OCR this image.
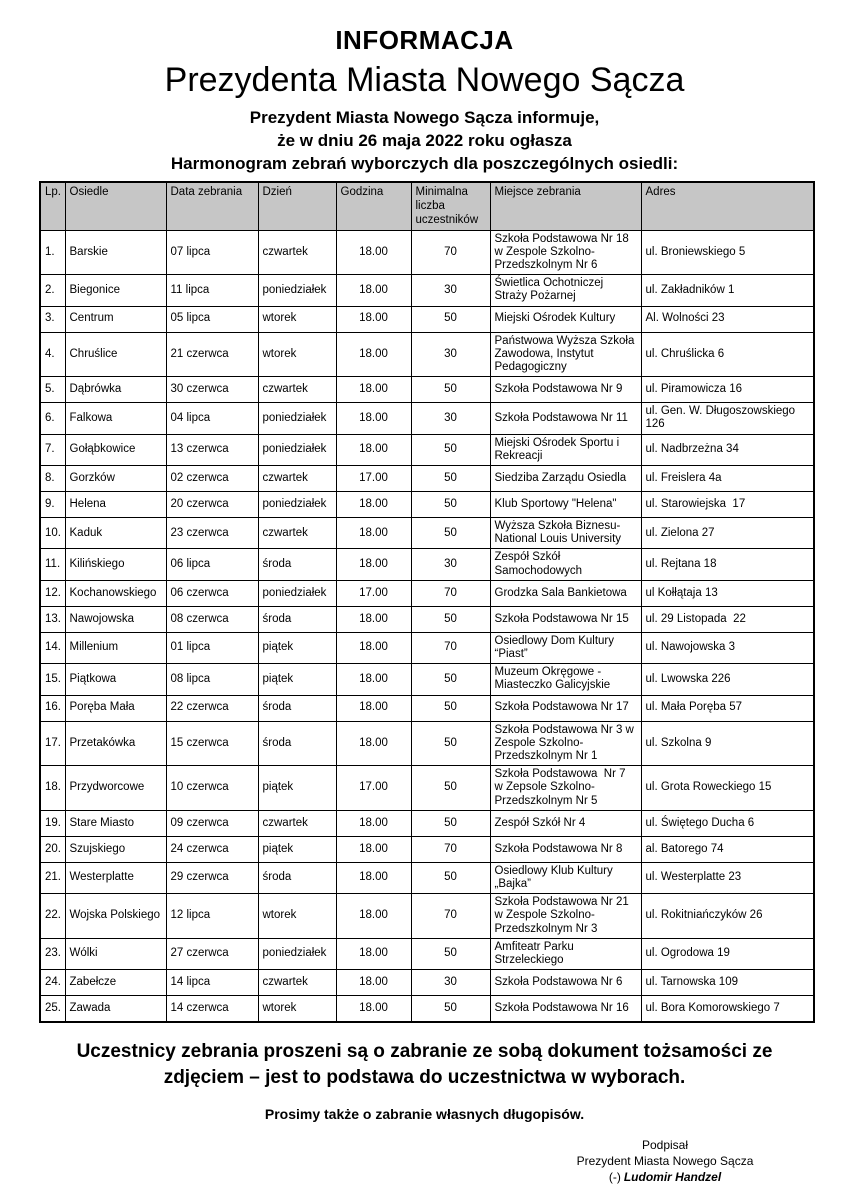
INFORMACJA
Prezydenta Miasta Nowego Sącza
Prezydent Miasta Nowego Sącza informuje,
że w dniu 26 maja 2022 roku ogłasza
Harmonogram zebrań wyborczych dla poszczególnych osiedli:
Lp.	Osiedle	Data zebrania	Dzień	Godzina	Minimalna liczba uczestników	Miejsce zebrania	Adres
1.	Barskie	07 lipca	czwartek	18.00	70	Szkoła Podstawowa Nr 18 w Zespole Szkolno-Przedszkolnym Nr 6	ul. Broniewskiego 5
2.	Biegonice	11 lipca	poniedziałek	18.00	30	Świetlica Ochotniczej Straży Pożarnej	ul. Zakładników 1
3.	Centrum	05 lipca	wtorek	18.00	50	Miejski Ośrodek Kultury	Al. Wolności 23
4.	Chruślice	21 czerwca	wtorek	18.00	30	Państwowa Wyższa Szkoła Zawodowa, Instytut Pedagogiczny	ul. Chruślicka 6
5.	Dąbrówka	30 czerwca	czwartek	18.00	50	Szkoła Podstawowa Nr 9	ul. Piramowicza 16
6.	Falkowa	04 lipca	poniedziałek	18.00	30	Szkoła Podstawowa Nr 11	ul. Gen. W. Długoszowskiego 126
7.	Gołąbkowice	13 czerwca	poniedziałek	18.00	50	Miejski Ośrodek Sportu i Rekreacji	ul. Nadbrzeżna 34
8.	Gorzków	02 czerwca	czwartek	17.00	50	Siedziba Zarządu Osiedla	ul. Freislera 4a
9.	Helena	20 czerwca	poniedziałek	18.00	50	Klub Sportowy "Helena"	ul. Starowiejska  17
10.	Kaduk	23 czerwca	czwartek	18.00	50	Wyższa Szkoła Biznesu-National Louis University	ul. Zielona 27
11.	Kilińskiego	06 lipca	środa	18.00	30	Zespół Szkół Samochodowych	ul. Rejtana 18
12.	Kochanowskiego	06 czerwca	poniedziałek	17.00	70	Grodzka Sala Bankietowa	ul Kołłątaja 13
13.	Nawojowska	08 czerwca	środa	18.00	50	Szkoła Podstawowa Nr 15	ul. 29 Listopada  22
14.	Millenium	01 lipca	piątek	18.00	70	Osiedlowy Dom Kultury “Piast”	ul. Nawojowska 3
15.	Piątkowa	08 lipca	piątek	18.00	50	Muzeum Okręgowe - Miasteczko Galicyjskie	ul. Lwowska 226
16.	Poręba Mała	22 czerwca	środa	18.00	50	Szkoła Podstawowa Nr 17	ul. Mała Poręba 57
17.	Przetakówka	15 czerwca	środa	18.00	50	Szkoła Podstawowa Nr 3 w Zespole Szkolno-Przedszkolnym Nr 1	ul. Szkolna 9
18.	Przydworcowe	10 czerwca	piątek	17.00	50	Szkoła Podstawowa  Nr 7 w Zepsole Szkolno-Przedszkolnym Nr 5	ul. Grota Roweckiego 15
19.	Stare Miasto	09 czerwca	czwartek	18.00	50	Zespół Szkół Nr 4	ul. Świętego Ducha 6
20.	Szujskiego	24 czerwca	piątek	18.00	70	Szkoła Podstawowa Nr 8	al. Batorego 74
21.	Westerplatte	29 czerwca	środa	18.00	50	Osiedlowy Klub Kultury „Bajka”	ul. Westerplatte 23
22.	Wojska Polskiego	12 lipca	wtorek	18.00	70	Szkoła Podstawowa Nr 21 w Zespole Szkolno-Przedszkolnym Nr 3	ul. Rokitniańczyków 26
23.	Wólki	27 czerwca	poniedziałek	18.00	50	Amfiteatr Parku Strzeleckiego	ul. Ogrodowa 19
24.	Zabełcze	14 lipca	czwartek	18.00	30	Szkoła Podstawowa Nr 6	ul. Tarnowska 109
25.	Zawada	14 czerwca	wtorek	18.00	50	Szkoła Podstawowa Nr 16	ul. Bora Komorowskiego 7
Uczestnicy zebrania proszeni są o zabranie ze sobą dokument tożsamości ze zdjęciem – jest to podstawa do uczestnictwa w wyborach.
Prosimy także o zabranie własnych długopisów.
Podpisał
Prezydent Miasta Nowego Sącza
(-) Ludomir Handzel
